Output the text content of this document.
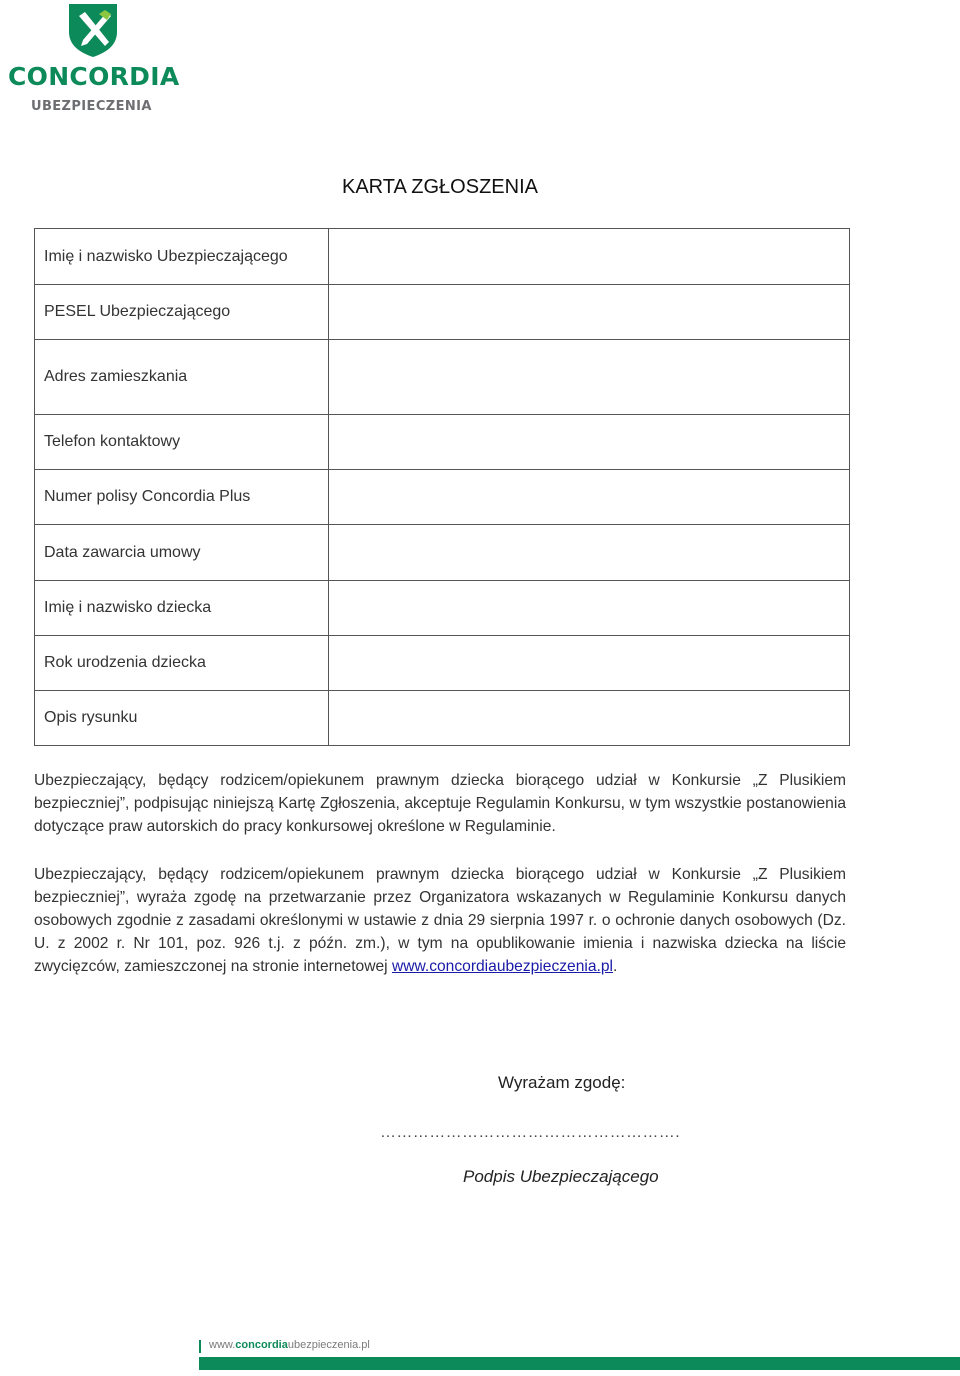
CONCORDIA
UBEZPIECZENIA
KARTA ZGŁOSZENIA
Imię i nazwisko Ubezpieczającego	
PESEL Ubezpieczającego	
Adres zamieszkania	
Telefon kontaktowy	
Numer polisy Concordia Plus	
Data zawarcia umowy	
Imię i nazwisko dziecka	
Rok urodzenia dziecka	
Opis rysunku	

Ubezpieczający, będący rodzicem/opiekunem prawnym dziecka biorącego udział w Konkursie „Z Plusikiem bezpieczniej”, podpisując niniejszą Kartę Zgłoszenia, akceptuje Regulamin Konkursu, w tym wszystkie postanowienia dotyczące praw autorskich do pracy konkursowej określone w Regulaminie.

Ubezpieczający, będący rodzicem/opiekunem prawnym dziecka biorącego udział w Konkursie „Z Plusikiem bezpieczniej”, wyraża zgodę na przetwarzanie przez Organizatora wskazanych w Regulaminie Konkursu danych osobowych zgodnie z zasadami określonymi w ustawie z dnia 29 sierpnia 1997 r. o ochronie danych osobowych (Dz. U. z 2002 r. Nr 101, poz. 926 t.j. z późn. zm.), w tym na opublikowanie imienia i nazwiska dziecka na liście zwycięzców, zamieszczonej na stronie internetowej www.concordiaubezpieczenia.pl.

Wyrażam zgodę:
……………………………………………….
Podpis Ubezpieczającego
www.concordiaubezpieczenia.pl
